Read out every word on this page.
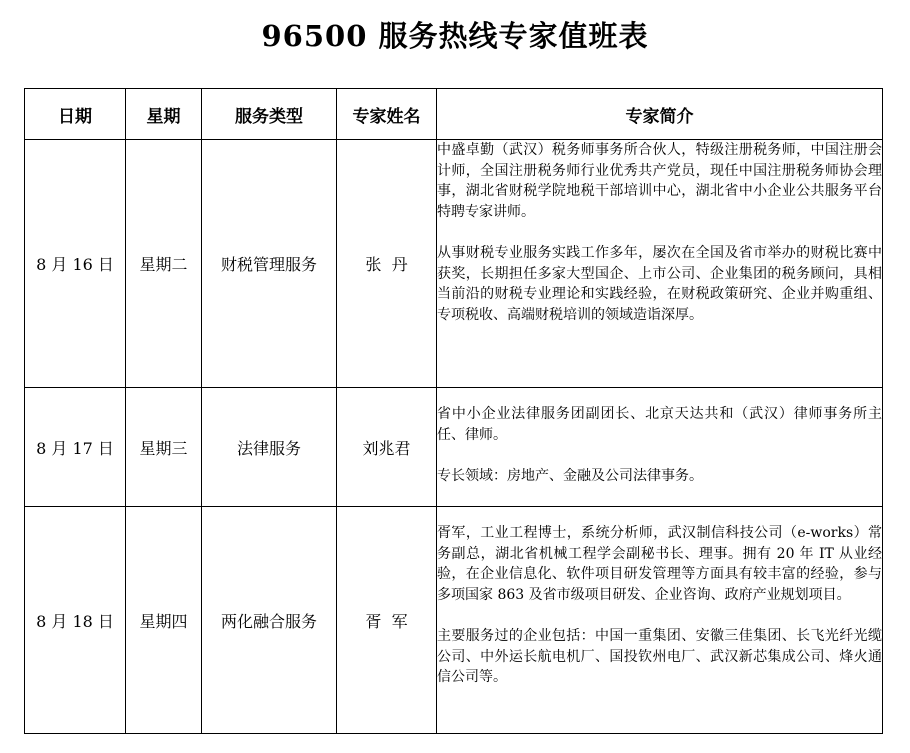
96500 服务热线专家值班表
日期	星期	服务类型	专家姓名	专家简介
8 月 16 日	星期二	财税管理服务	张  丹	中盛卓勤（武汉）税务师事务所合伙人，特级注册税务师，中国注册会计师，全国注册税务师行业优秀共产党员，现任中国注册税务师协会理事，湖北省财税学院地税干部培训中心，湖北省中小企业公共服务平台特聘专家讲师。

从事财税专业服务实践工作多年，屡次在全国及省市举办的财税比赛中获奖，长期担任多家大型国企、上市公司、企业集团的税务顾问，具相当前沿的财税专业理论和实践经验，在财税政策研究、企业并购重组、专项税收、高端财税培训的领域造诣深厚。

8 月 17 日	星期三	法律服务	刘兆君	省中小企业法律服务团副团长、北京天达共和（武汉）律师事务所主任、律师。

专长领域：房地产、金融及公司法律事务。

8 月 18 日	星期四	两化融合服务	胥  军	胥军，工业工程博士，系统分析师，武汉制信科技公司（e-works）常务副总，湖北省机械工程学会副秘书长、理事。拥有 20 年 IT 从业经验，在企业信息化、软件项目研发管理等方面具有较丰富的经验，参与多项国家 863 及省市级项目研发、企业咨询、政府产业规划项目。

主要服务过的企业包括：中国一重集团、安徽三佳集团、长飞光纤光缆公司、中外运长航电机厂、国投钦州电厂、武汉新芯集成公司、烽火通信公司等。
